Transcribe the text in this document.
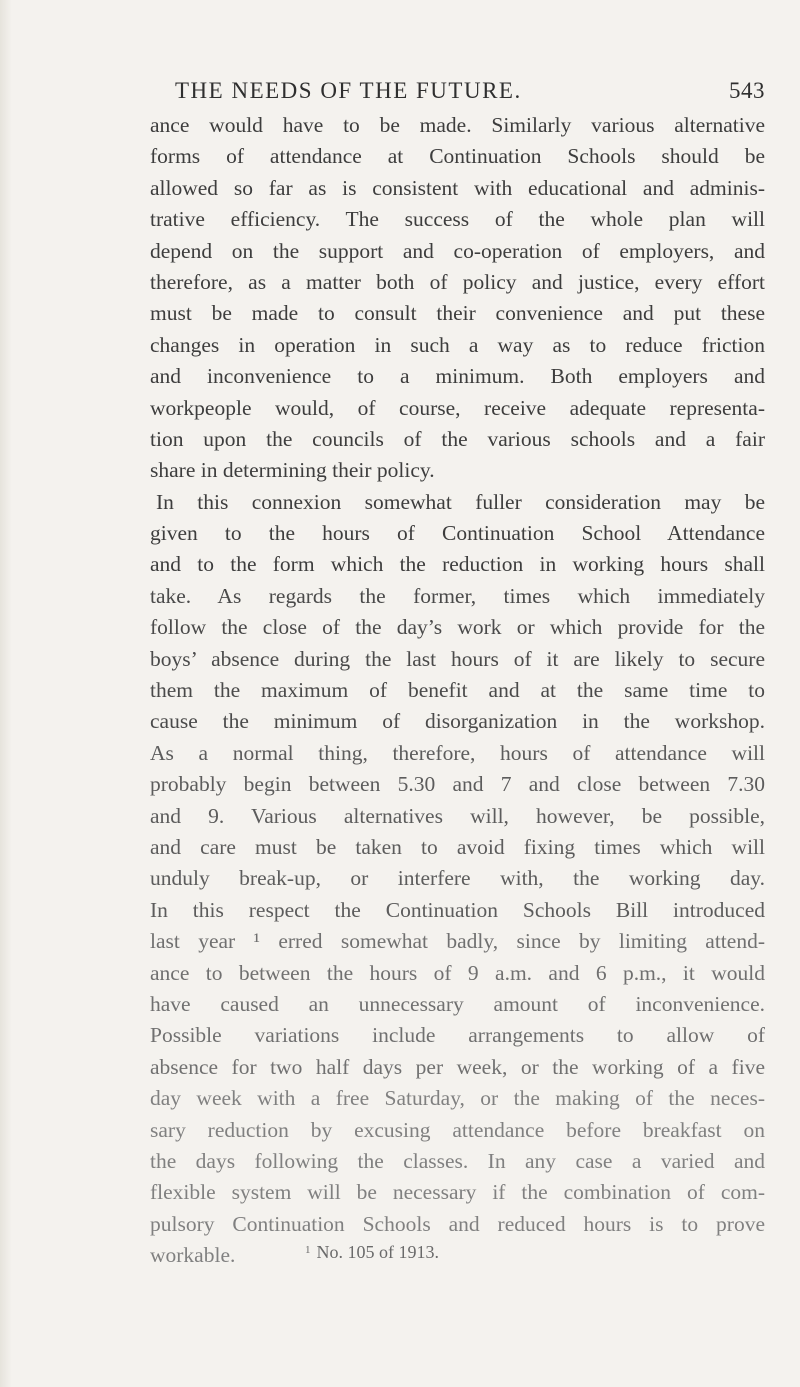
THE NEEDS OF THE FUTURE.	543
ance would have to be made. Similarly various alternative
forms of attendance at Continuation Schools should be
allowed so far as is consistent with educational and adminis-
trative efficiency. The success of the whole plan will
depend on the support and co-operation of employers, and
therefore, as a matter both of policy and justice, every effort
must be made to consult their convenience and put these
changes in operation in such a way as to reduce friction
and inconvenience to a minimum. Both employers and
workpeople would, of course, receive adequate representa-
tion upon the councils of the various schools and a fair
share in determining their policy.
In this connexion somewhat fuller consideration may be
given to the hours of Continuation School Attendance
and to the form which the reduction in working hours shall
take. As regards the former, times which immediately
follow the close of the day’s work or which provide for the
boys’ absence during the last hours of it are likely to secure
them the maximum of benefit and at the same time to
cause the minimum of disorganization in the workshop.
As a normal thing, therefore, hours of attendance will
probably begin between 5.30 and 7 and close between 7.30
and 9. Various alternatives will, however, be possible,
and care must be taken to avoid fixing times which will
unduly break-up, or interfere with, the working day.
In this respect the Continuation Schools Bill introduced
last year ¹ erred somewhat badly, since by limiting attend-
ance to between the hours of 9 a.m. and 6 p.m., it would
have caused an unnecessary amount of inconvenience.
Possible variations include arrangements to allow of
absence for two half days per week, or the working of a five
day week with a free Saturday, or the making of the neces-
sary reduction by excusing attendance before breakfast on
the days following the classes. In any case a varied and
flexible system will be necessary if the combination of com-
pulsory Continuation Schools and reduced hours is to prove
workable.	$^1$ No. 105 of 1913.
